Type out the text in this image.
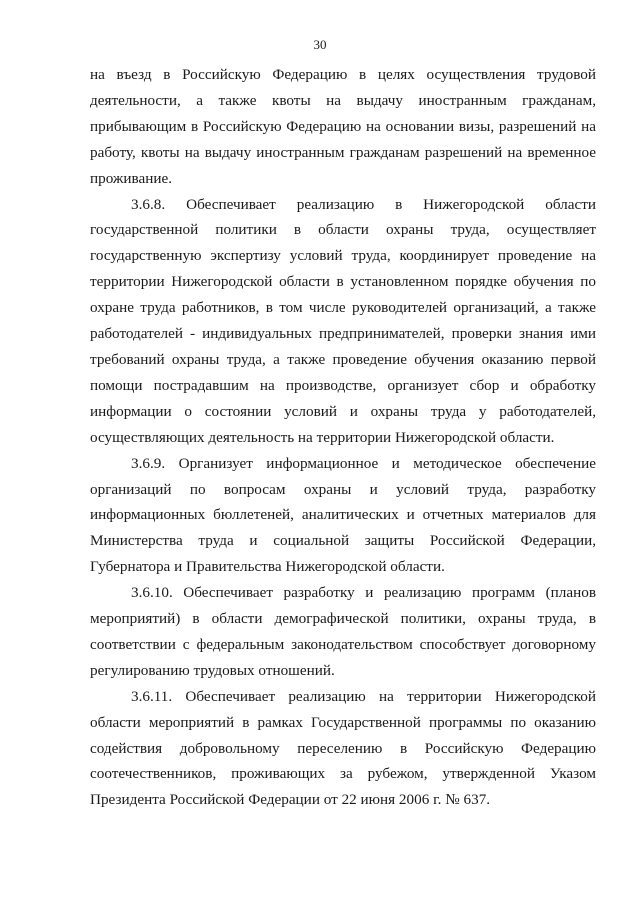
30

на въезд в Российскую Федерацию в целях осуществления трудовой деятельности, а также квоты на выдачу иностранным гражданам, прибывающим в Российскую Федерацию на основании визы, разрешений на работу, квоты на выдачу иностранным гражданам разрешений на временное проживание.

3.6.8. Обеспечивает реализацию в Нижегородской области государственной политики в области охраны труда, осуществляет государственную экспертизу условий труда, координирует проведение на территории Нижегородской области в установленном порядке обучения по охране труда работников, в том числе руководителей организаций, а также работодателей - индивидуальных предпринимателей, проверки знания ими требований охраны труда, а также проведение обучения оказанию первой помощи пострадавшим на производстве, организует сбор и обработку информации о состоянии условий и охраны труда у работодателей, осуществляющих деятельность на территории Нижегородской области.

3.6.9. Организует информационное и методическое обеспечение организаций по вопросам охраны и условий труда, разработку информационных бюллетеней, аналитических и отчетных материалов для Министерства труда и социальной защиты Российской Федерации, Губернатора и Правительства Нижегородской области.

3.6.10. Обеспечивает разработку и реализацию программ (планов мероприятий) в области демографической политики, охраны труда, в соответствии с федеральным законодательством способствует договорному регулированию трудовых отношений.

3.6.11. Обеспечивает реализацию на территории Нижегородской области мероприятий в рамках Государственной программы по оказанию содействия добровольному переселению в Российскую Федерацию соотечественников, проживающих за рубежом, утвержденной Указом Президента Российской Федерации от 22 июня 2006 г. № 637.
